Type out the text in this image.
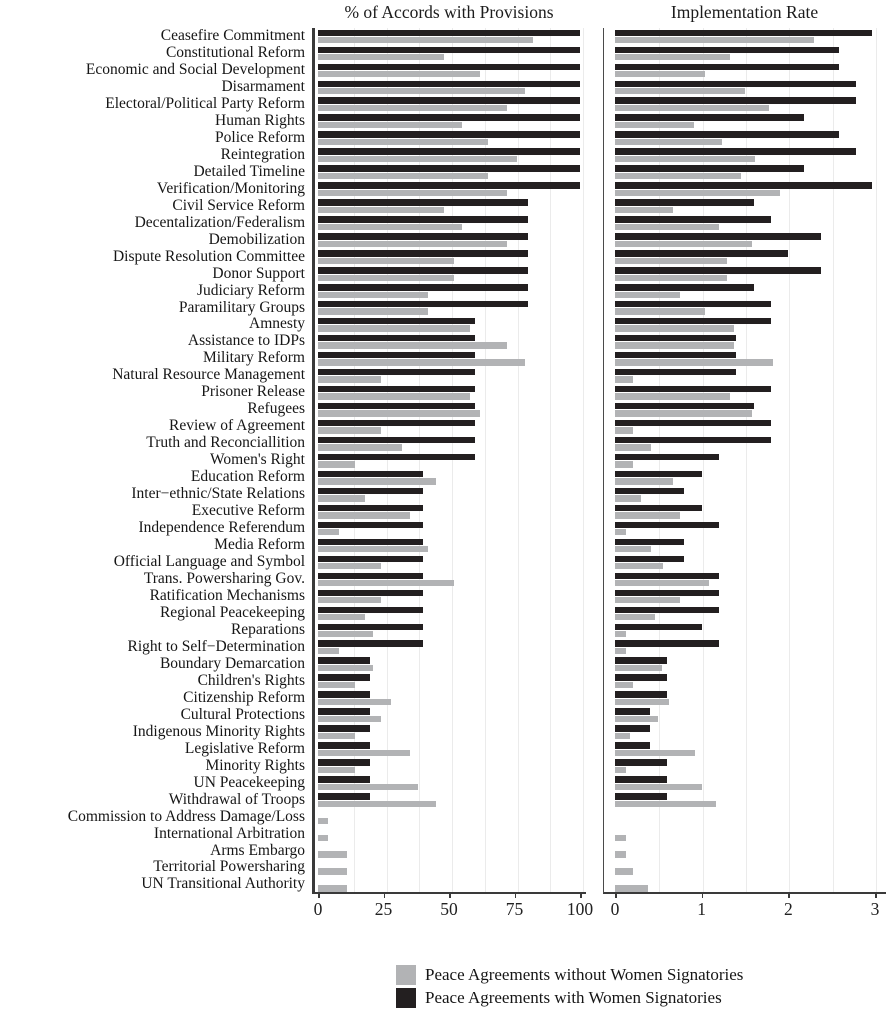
% of Accords with Provisions	Implementation Rate
Ceasefire Commitment
Constitutional Reform
Economic and Social Development
Disarmament
Electoral/Political Party Reform
Human Rights
Police Reform
Reintegration
Detailed Timeline
Verification/Monitoring
Civil Service Reform
Decentalization/Federalism
Demobilization
Dispute Resolution Committee
Donor Support
Judiciary Reform
Paramilitary Groups
Amnesty
Assistance to IDPs
Military Reform
Natural Resource Management
Prisoner Release
Refugees
Review of Agreement
Truth and Reconciallition
Women's Right
Education Reform
Inter−ethnic/State Relations
Executive Reform
Independence Referendum
Media Reform
Official Language and Symbol
Trans. Powersharing Gov.
Ratification Mechanisms
Regional Peacekeeping
Reparations
Right to Self−Determination
Boundary Demarcation
Children's Rights
Citizenship Reform
Cultural Protections
Indigenous Minority Rights
Legislative Reform
Minority Rights
UN Peacekeeping
Withdrawal of Troops
Commission to Address Damage/Loss
International Arbitration
Arms Embargo
Territorial Powersharing
UN Transitional Authority
0	25	50	75 100 0	1	2	3
Peace Agreements without Women Signatories
Peace Agreements with Women Signatories
